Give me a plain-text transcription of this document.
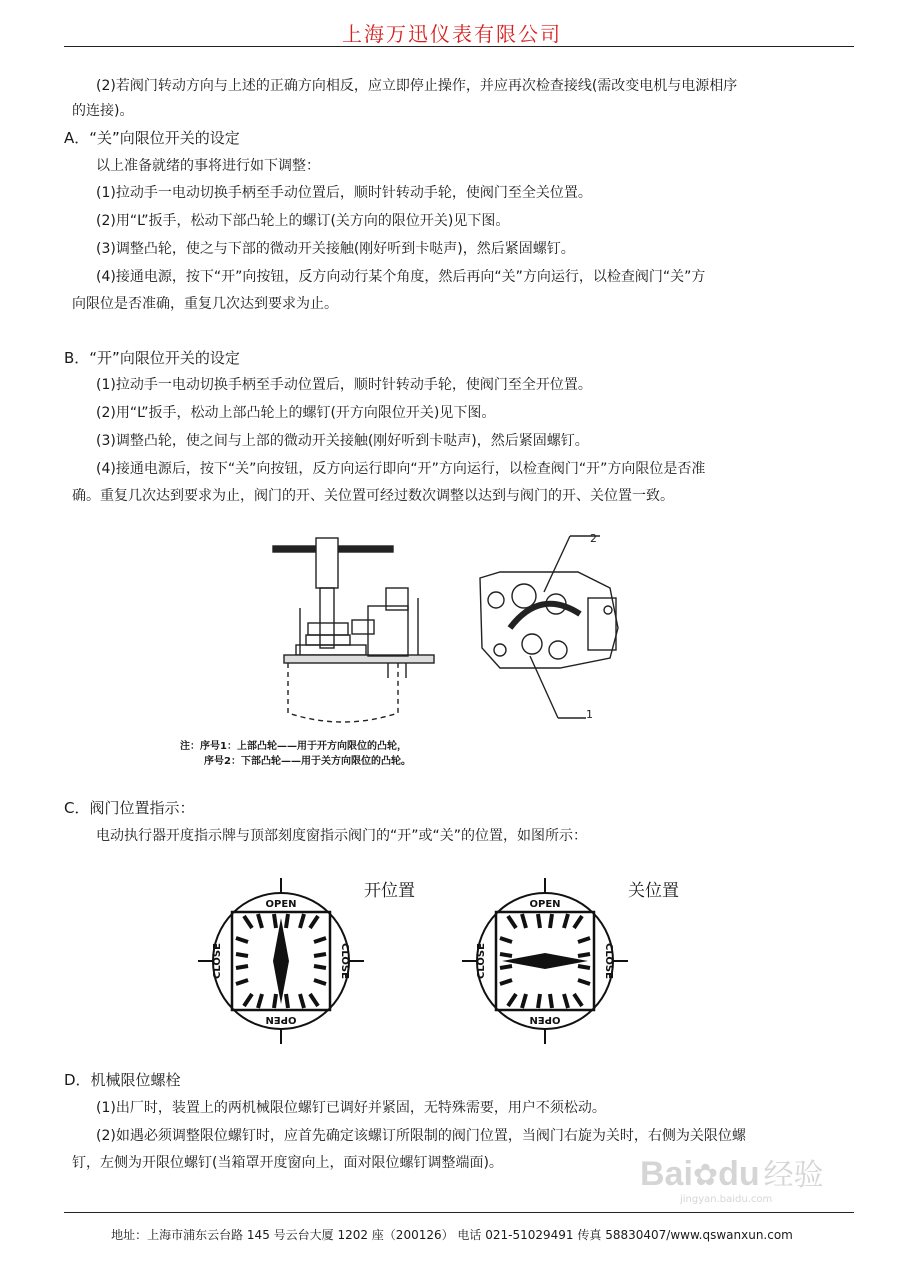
上海万迅仪表有限公司
(2)若阀门转动方向与上述的正确方向相反，应立即停止操作，并应再次检查接线(需改变电机与电源相序
的连接)。
A．“关”向限位开关的设定
以上准备就绪的事将进行如下调整：
(1)拉动手一电动切换手柄至手动位置后，顺时针转动手轮，使阀门至全关位置。
(2)用“L”扳手，松动下部凸轮上的螺订(关方向的限位开关)见下图。
(3)调整凸轮，使之与下部的微动开关接触(刚好听到卡哒声)，然后紧固螺钉。
(4)接通电源，按下“开”向按钮，反方向动行某个角度，然后再向“关”方向运行，以检查阀门“关”方
向限位是否准确，重复几次达到要求为止。
B．“开”向限位开关的设定
(1)拉动手一电动切换手柄至手动位置后，顺时针转动手轮，使阀门至全开位置。
(2)用“L”扳手，松动上部凸轮上的螺钉(开方向限位开关)见下图。
(3)调整凸轮，使之间与上部的微动开关接触(刚好听到卡哒声)，然后紧固螺钉。
(4)接通电源后，按下“关”向按钮，反方向运行即向“开”方向运行，以检查阀门“开”方向限位是否准
确。重复几次达到要求为止，阀门的开、关位置可经过数次调整以达到与阀门的开、关位置一致。
2
1
注：序号1：上部凸轮——用于开方向限位的凸轮，
序号2：下部凸轮——用于关方向限位的凸轮。
C．阀门位置指示：
电动执行器开度指示牌与顶部刻度窗指示阀门的“开”或“关”的位置，如图所示：
开位置	关位置
OPEN
OPEN
CLOSE	CLOSE
OPEN
OPEN
CLOSE	CLOSE
D．机械限位螺栓
(1)出厂时，装置上的两机械限位螺钉已调好并紧固，无特殊需要，用户不须松动。
(2)如遇必须调整限位螺钉时，应首先确定该螺订所限制的阀门位置，当阀门右旋为关时，右侧为关限位螺
钉，左侧为开限位螺钉(当箱罩开度窗向上，面对限位螺钉调整端面)。	Bai✿du 经验
jingyan.baidu.com
地址：上海市浦东云台路 145 号云台大厦 1202 座（200126） 电话 021-51029491 传真 58830407/www.qswanxun.com
